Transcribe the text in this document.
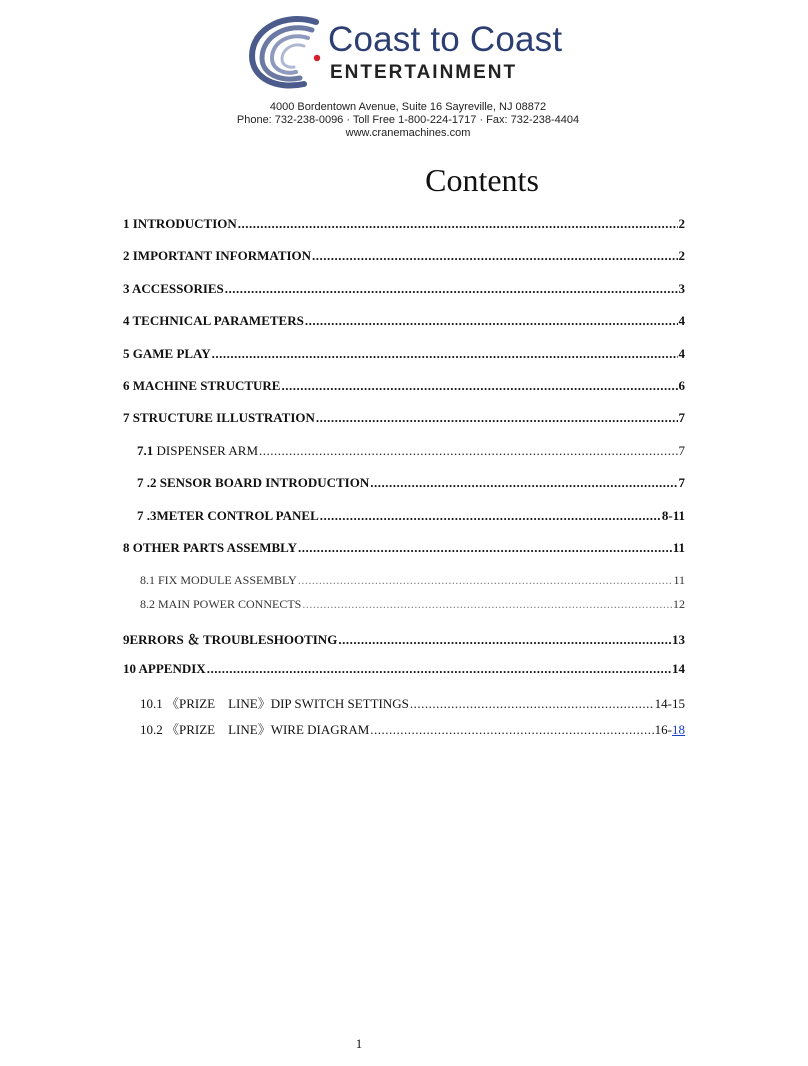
Coast to Coast
ENTERTAINMENT
4000 Bordentown Avenue, Suite 16 Sayreville, NJ 08872
Phone: 732-238-0096 · Toll Free 1-800-224-1717 · Fax: 732-238-4404
www.cranemachines.com
Contents
1 INTRODUCTION .....	2
2 IMPORTANT INFORMATION .....	2
3 ACCESSORIES .....	3
4 TECHNICAL PARAMETERS .....	4
5 GAME PLAY .....	4
6 MACHINE STRUCTURE .....	6
7 STRUCTURE ILLUSTRATION .....	7
7.1 DISPENSER ARM .....	7
7 .2 SENSOR BOARD INTRODUCTION .....	7
7 .3METER CONTROL PANEL .....	8-11
8 OTHER PARTS ASSEMBLY .....	11
8.1 FIX MODULE ASSEMBLY .....	11
8.2 MAIN POWER CONNECTS .....	12
9ERRORS ＆ TROUBLESHOOTING .....	13
10 APPENDIX .....	14
10.1 《PRIZE　LINE》DIP SWITCH SETTINGS .....	14-15
10.2 《PRIZE　LINE》WIRE DIAGRAM .....	16-18
1
